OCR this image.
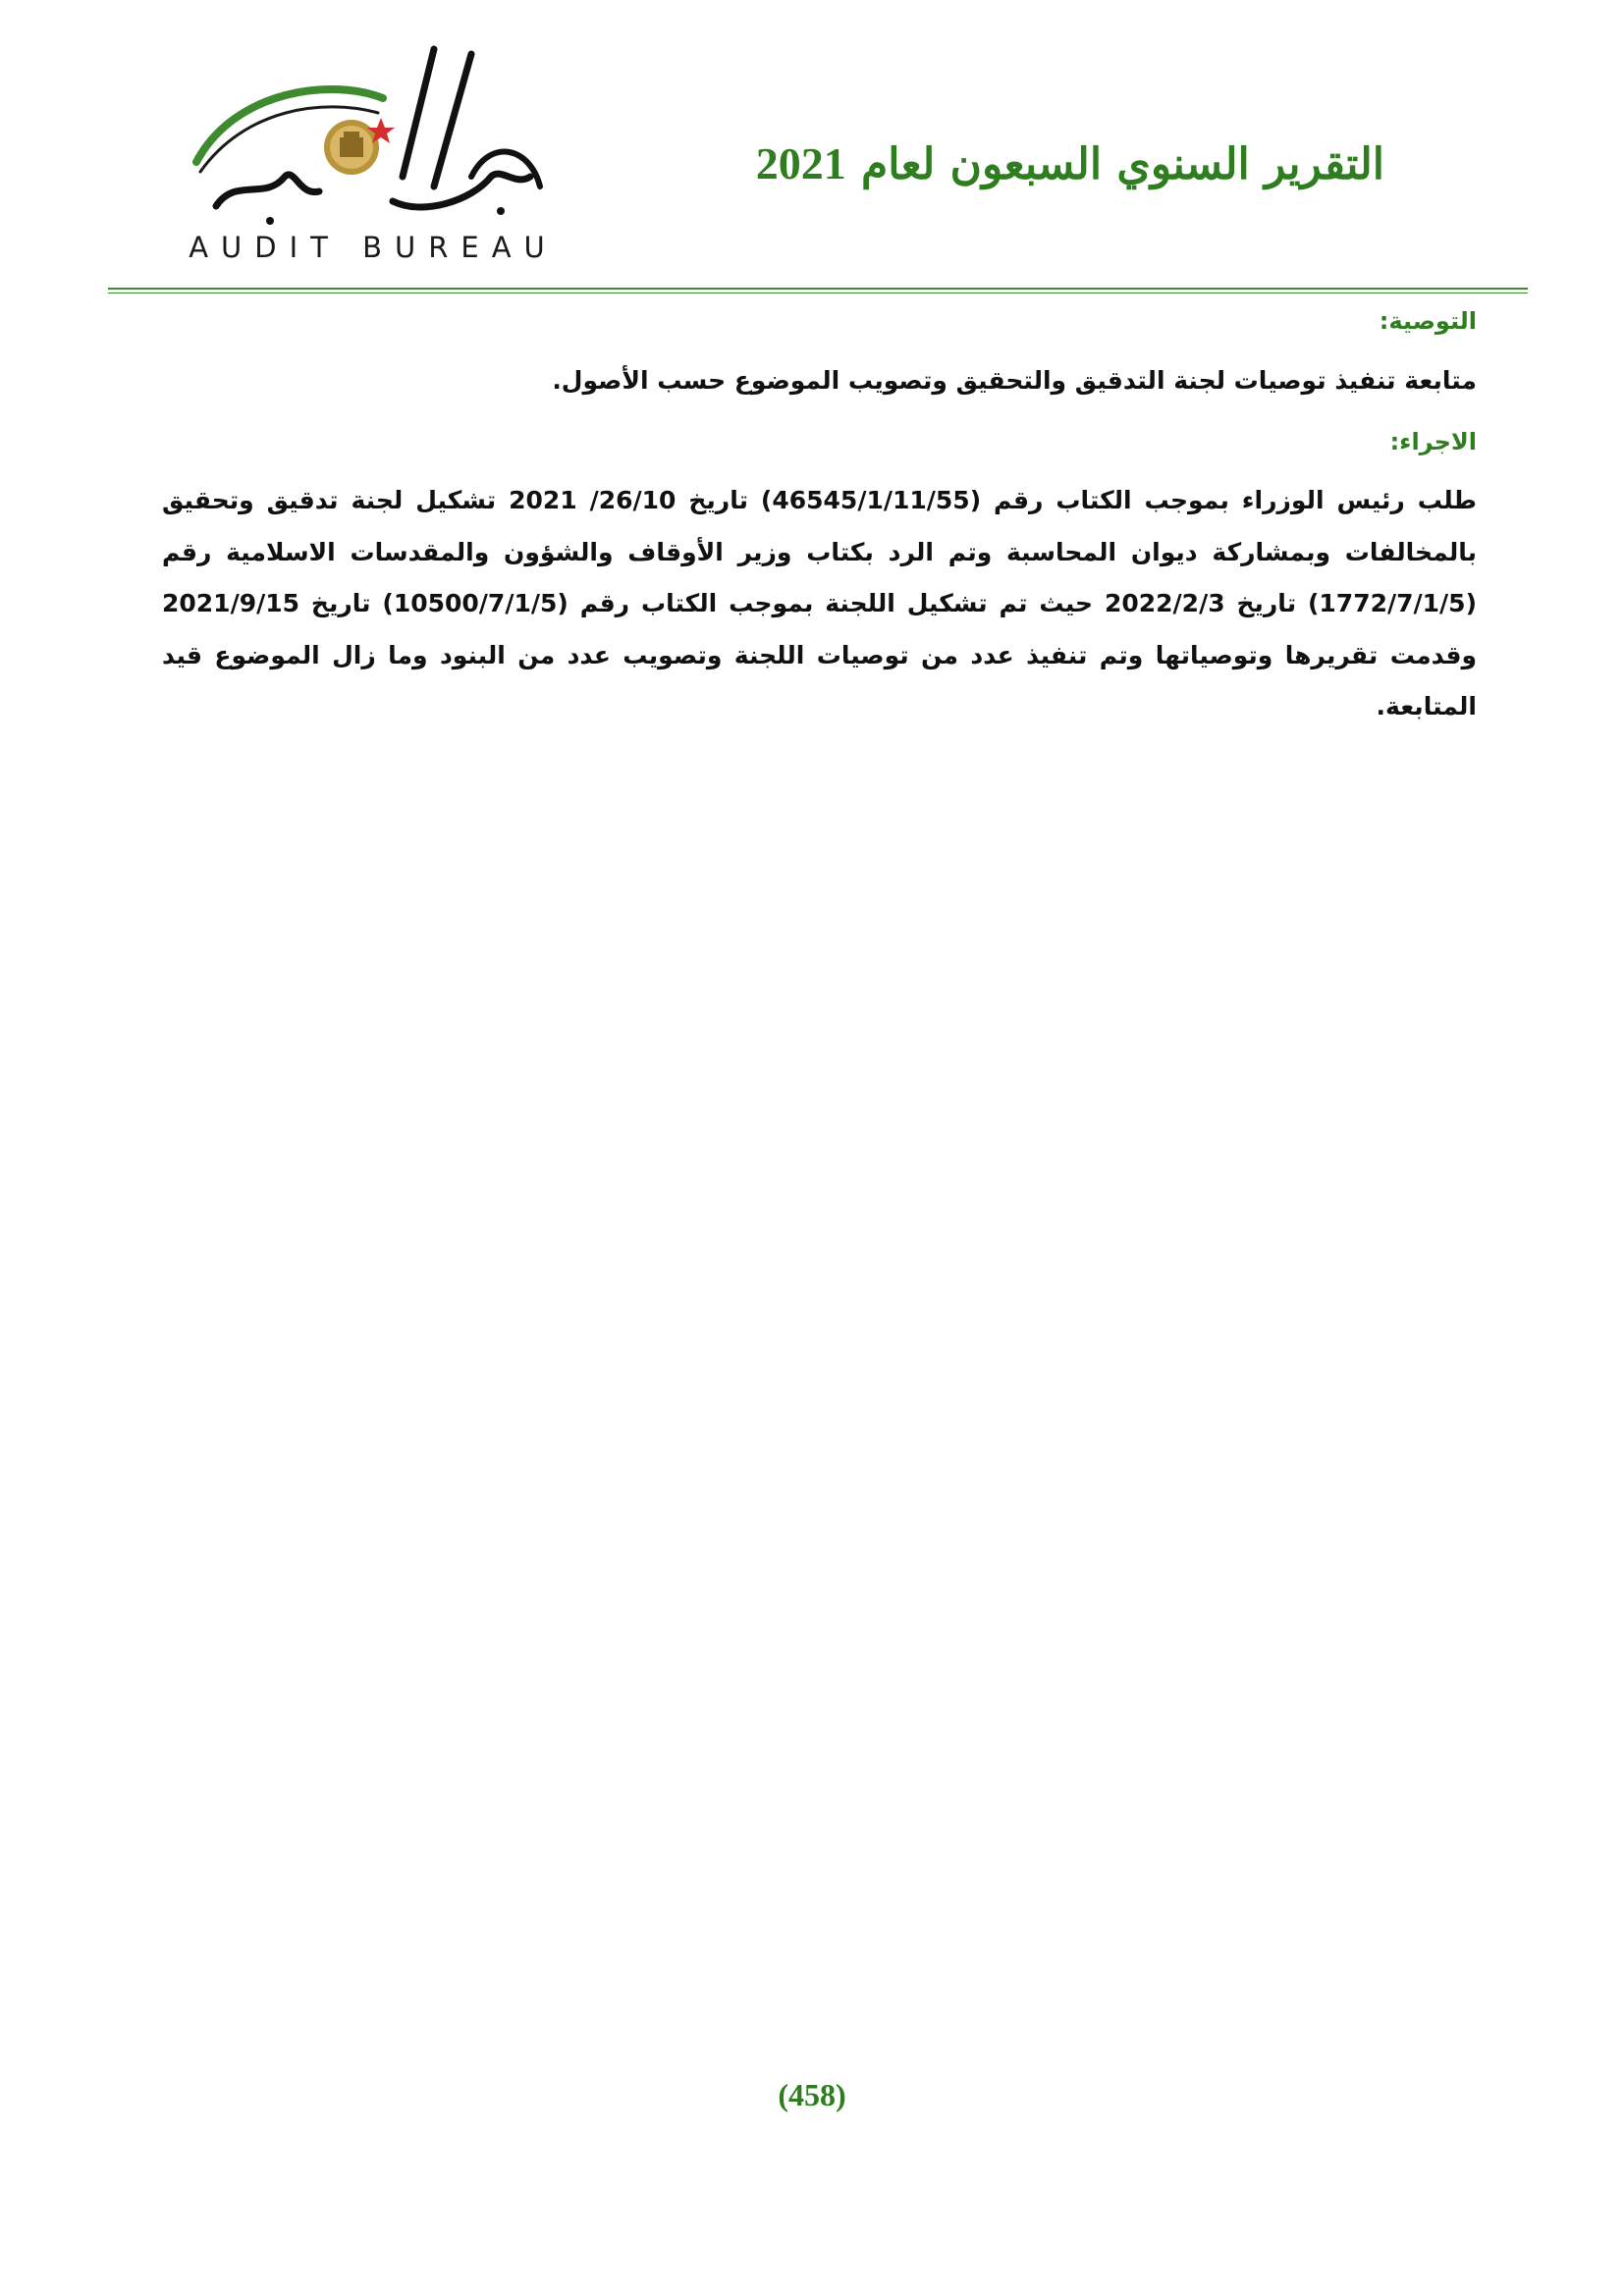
AUDIT BUREAU
التقرير السنوي السبعون لعام 2021
التوصية:
متابعة تنفيذ توصيات لجنة التدقيق والتحقيق وتصويب الموضوع حسب الأصول.
الاجراء:
طلب رئيس الوزراء بموجب الكتاب رقم (46545/1/11/55) تاريخ 26/10/ 2021 تشكيل لجنة تدقيق وتحقيق بالمخالفات وبمشاركة ديوان المحاسبة وتم الرد بكتاب وزير الأوقاف والشؤون والمقدسات الاسلامية رقم (1772/7/1/5) تاريخ 2022/2/3 حيث تم تشكيل اللجنة بموجب الكتاب رقم (10500/7/1/5) تاريخ 2021/9/15 وقدمت تقريرها وتوصياتها وتم تنفيذ عدد من توصيات اللجنة وتصويب عدد من البنود وما زال الموضوع قيد المتابعة.
(458)
